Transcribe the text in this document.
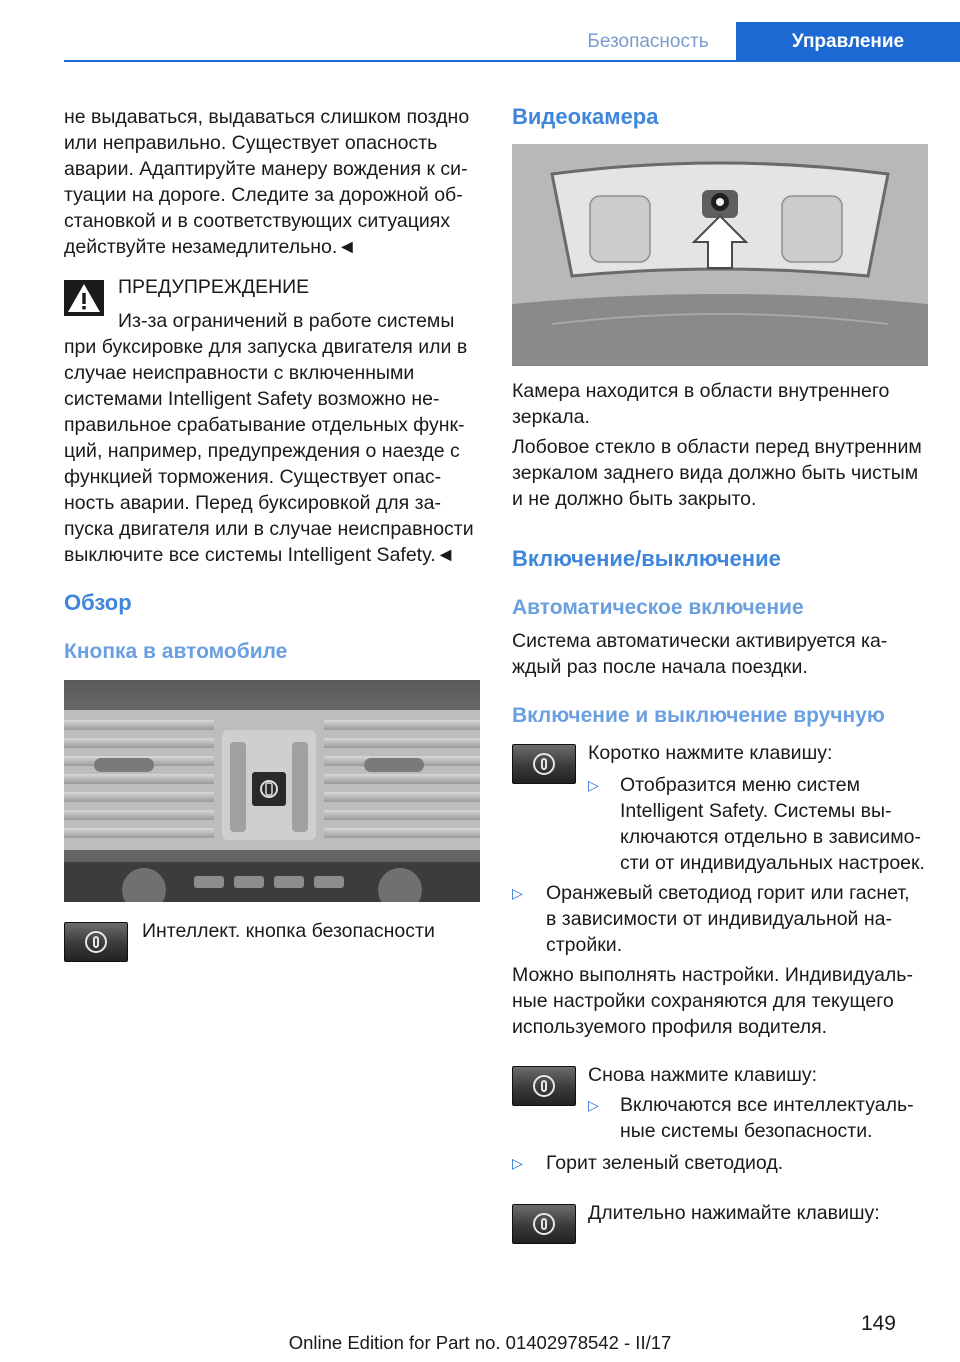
Безопасность	Управление
не выдаваться, выдаваться слишком поздно
или неправильно. Существует опасность
аварии. Адаптируйте манеру вождения к си-
туации на дороге. Следите за дорожной об-
становкой и в соответствующих ситуациях
действуйте незамедлительно.◄
ПРЕДУПРЕЖДЕНИЕ
Из-за ограничений в работе системы
при буксировке для запуска двигателя или в
случае неисправности с включенными
системами Intelligent Safety возможно не-
правильное срабатывание отдельных функ-
ций, например, предупреждения о наезде с
функцией торможения. Существует опас-
ность аварии. Перед буксировкой для за-
пуска двигателя или в случае неисправности
выключите все системы Intelligent Safety.◄
Обзор
Кнопка в автомобиле
Интеллект. кнопка безопасности
Видеокамера
Камера находится в области внутреннего
зеркала.
Лобовое стекло в области перед внутренним
зеркалом заднего вида должно быть чистым
и не должно быть закрыто.
Включение/выключение
Автоматическое включение
Система автоматически активируется ка-
ждый раз после начала поездки.
Включение и выключение вручную
Коротко нажмите клавишу:
▷ Отобразится меню систем
Intelligent Safety. Системы вы-
ключаются отдельно в зависимо-
сти от индивидуальных настроек.
▷ Оранжевый светодиод горит или гаснет,
в зависимости от индивидуальной на-
стройки.
Можно выполнять настройки. Индивидуаль-
ные настройки сохраняются для текущего
используемого профиля водителя.
Снова нажмите клавишу:
▷ Включаются все интеллектуаль-
ные системы безопасности.
▷ Горит зеленый светодиод.
Длительно нажимайте клавишу:
149
Online Edition for Part no. 01402978542 - II/17
